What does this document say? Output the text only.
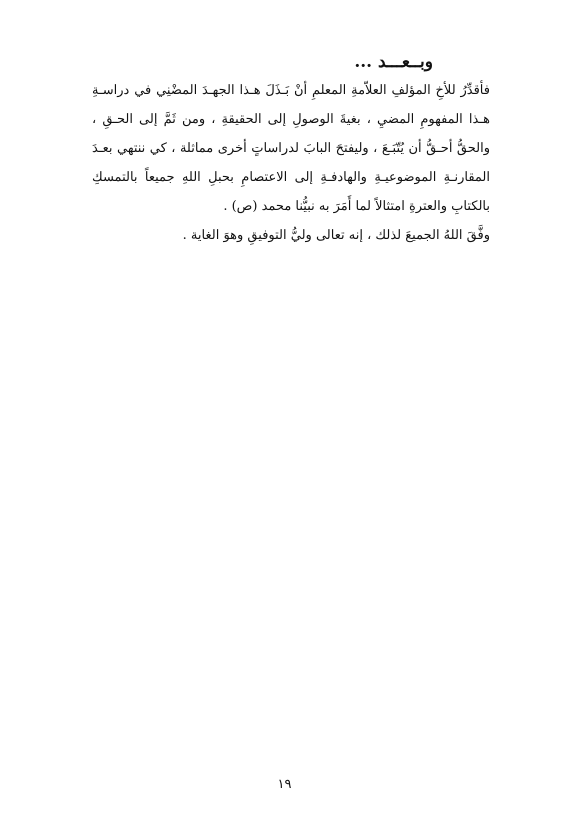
وبــعـــد ...

فأقدِّرُ للأخِ المؤلفِ العلاّمةِ المعلمِ أنْ بَـذَلَ هـذا الجهـدَ المضْنِي في دراسـةِ هـذا المفهومِ المضيِ ، بغيةَ الوصولِ إلى الحقيقةِ ، ومن ثَمَّ إلى الحـقِ ، والحقُّ أحـقُّ أن يُتّبَـعَ ، وليفتحَ البابَ لدراساتٍ أخرى مماثلة ، كي ننتهي بعـدَ المقارنـةِ الموضوعيـةِ والهادفـةِ إلى الاعتصامِ بحبلِ اللهِ جميعاً بالتمسكِ بالكتابِ والعترةِ امتثالاً لما أَمَرَ به نبيُّنا محمد (ص) .

وفَّقَ اللهُ الجميعَ لذلك ، إنه تعالى وليُّ التوفيقِ وهوَ الغاية .

١٩
